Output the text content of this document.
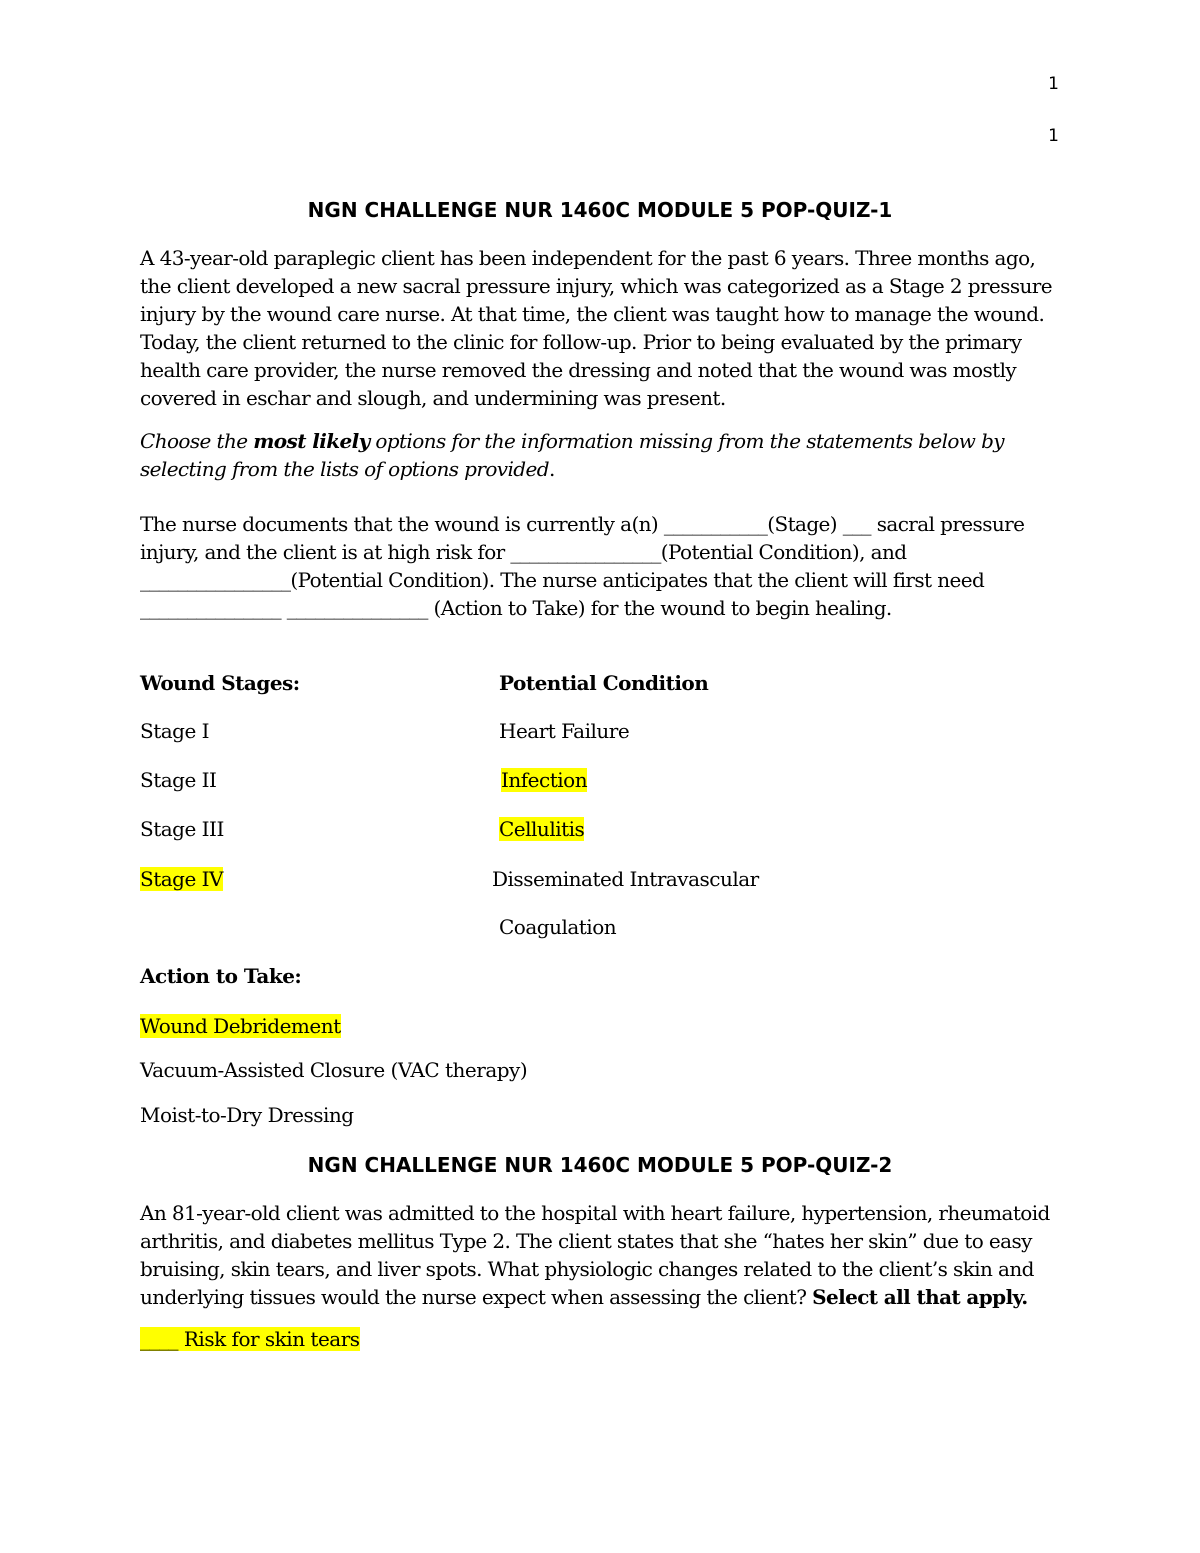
1
1
NGN CHALLENGE NUR 1460C MODULE 5 POP-QUIZ-1
A 43-year-old paraplegic client has been independent for the past 6 years. Three months ago, the client developed a new sacral pressure injury, which was categorized as a Stage 2 pressure injury by the wound care nurse. At that time, the client was taught how to manage the wound. Today, the client returned to the clinic for follow-up. Prior to being evaluated by the primary health care provider, the nurse removed the dressing and noted that the wound was mostly covered in eschar and slough, and undermining was present.
Choose the most likely options for the information missing from the statements below by selecting from the lists of options provided.
The nurse documents that the wound is currently a(n) ___________(Stage) ___ sacral pressure injury, and the client is at high risk for ________________(Potential Condition), and ________________(Potential Condition). The nurse anticipates that the client will first need _______________ _______________ (Action to Take) for the wound to begin healing.
Wound Stages:	Potential Condition
Stage I
Stage II
Stage III
Stage IV
Heart Failure
Infection
Cellulitis
Disseminated Intravascular
Coagulation
Action to Take:
Wound Debridement
Vacuum-Assisted Closure (VAC therapy)
Moist-to-Dry Dressing
NGN CHALLENGE NUR 1460C MODULE 5 POP-QUIZ-2
An 81-year-old client was admitted to the hospital with heart failure, hypertension, rheumatoid arthritis, and diabetes mellitus Type 2. The client states that she “hates her skin” due to easy bruising, skin tears, and liver spots. What physiologic changes related to the client’s skin and underlying tissues would the nurse expect when assessing the client? Select all that apply.
____ Risk for skin tears
